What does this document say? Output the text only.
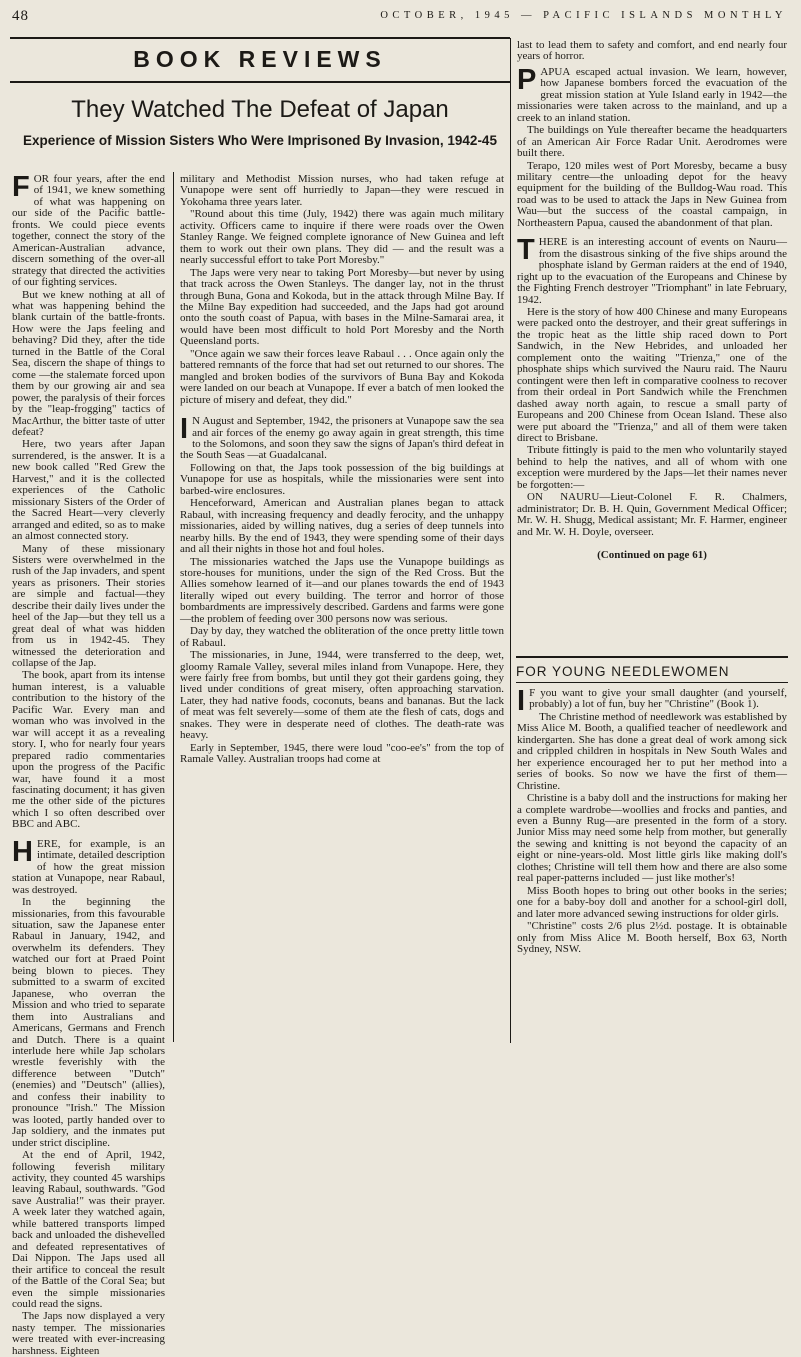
48	OCTOBER, 1945 — PACIFIC ISLANDS MONTHLY
BOOK REVIEWS
They Watched The Defeat of Japan
Experience of Mission Sisters Who Were Imprisoned By Invasion, 1942-45

FOR four years, after the end of 1941, we knew something of what was happening on our side of the Pacific battle-fronts. We could piece events together, connect the story of the American-Australian advance, discern something of the over-all strategy that directed the activities of our fighting services.

But we knew nothing at all of what was happening behind the blank curtain of the battle-fronts. How were the Japs feeling and behaving? Did they, after the tide turned in the Battle of the Coral Sea, discern the shape of things to come —the stalemate forced upon them by our growing air and sea power, the paralysis of their forces by the "leap-frogging" tactics of MacArthur, the bitter taste of utter defeat?

Here, two years after Japan surrendered, is the answer. It is a new book called "Red Grew the Harvest," and it is the collected experiences of the Catholic missionary Sisters of the Order of the Sacred Heart—very cleverly arranged and edited, so as to make an almost connected story.

Many of these missionary Sisters were overwhelmed in the rush of the Jap invaders, and spent years as prisoners. Their stories are simple and factual—they describe their daily lives under the heel of the Jap—but they tell us a great deal of what was hidden from us in 1942-45. They witnessed the deterioration and collapse of the Jap.

The book, apart from its intense human interest, is a valuable contribution to the history of the Pacific War. Every man and woman who was involved in the war will accept it as a revealing story. I, who for nearly four years prepared radio commentaries upon the progress of the Pacific war, have found it a most fascinating document; it has given me the other side of the pictures which I so often described over BBC and ABC.

HERE, for example, is an intimate, detailed description of how the great mission station at Vunapope, near Rabaul, was destroyed.

In the beginning the missionaries, from this favourable situation, saw the Japanese enter Rabaul in January, 1942, and overwhelm its defenders. They watched our fort at Praed Point being blown to pieces. They submitted to a swarm of excited Japanese, who overran the Mission and who tried to separate them into Australians and Americans, Germans and French and Dutch. There is a quaint interlude here while Jap scholars wrestle feverishly with the difference between "Dutch" (enemies) and "Deutsch" (allies), and confess their inability to pronounce "Irish." The Mission was looted, partly handed over to Jap soldiery, and the inmates put under strict discipline.

At the end of April, 1942, following feverish military activity, they counted 45 warships leaving Rabaul, southwards. "God save Australia!" was their prayer. A week later they watched again, while battered transports limped back and unloaded the dishevelled and defeated representatives of Dai Nippon. The Japs used all their artifice to conceal the result of the Battle of the Coral Sea; but even the simple missionaries could read the signs.

The Japs now displayed a very nasty temper. The missionaries were treated with ever-increasing harshness. Eighteen

military and Methodist Mission nurses, who had taken refuge at Vunapope were sent off hurriedly to Japan—they were rescued in Yokohama three years later.

"Round about this time (July, 1942) there was again much military activity. Officers came to inquire if there were roads over the Owen Stanley Range. We feigned complete ignorance of New Guinea and left them to work out their own plans. They did — and the result was a nearly successful effort to take Port Moresby."

The Japs were very near to taking Port Moresby—but never by using that track across the Owen Stanleys. The danger lay, not in the thrust through Buna, Gona and Kokoda, but in the attack through Milne Bay. If the Milne Bay expedition had succeeded, and the Japs had got around onto the south coast of Papua, with bases in the Milne-Samarai area, it would have been most difficult to hold Port Moresby and the North Queensland ports.

"Once again we saw their forces leave Rabaul . . . Once again only the battered remnants of the force that had set out returned to our shores. The mangled and broken bodies of the survivors of Buna Bay and Kokoda were landed on our beach at Vunapope. If ever a batch of men looked the picture of misery and defeat, they did."

I N August and September, 1942, the prisoners at Vunapope saw the sea and air forces of the enemy go away again in great strength, this time to the Solomons, and soon they saw the signs of Japan's third defeat in the South Seas —at Guadalcanal.

Following on that, the Japs took possession of the big buildings at Vunapope for use as hospitals, while the missionaries were sent into barbed-wire enclosures.

Henceforward, American and Australian planes began to attack Rabaul, with increasing frequency and deadly ferocity, and the unhappy missionaries, aided by willing natives, dug a series of deep tunnels into nearby hills. By the end of 1943, they were spending some of their days and all their nights in those hot and foul holes.

The missionaries watched the Japs use the Vunapope buildings as store-houses for munitions, under the sign of the Red Cross. But the Allies somehow learned of it—and our planes towards the end of 1943 literally wiped out every building. The terror and horror of those bombardments are impressively described. Gardens and farms were gone—the problem of feeding over 300 persons now was serious.

Day by day, they watched the obliteration of the once pretty little town of Rabaul.

The missionaries, in June, 1944, were transferred to the deep, wet, gloomy Ramale Valley, several miles inland from Vunapope. Here, they were fairly free from bombs, but until they got their gardens going, they lived under conditions of great misery, often approaching starvation. Later, they had native foods, coconuts, beans and bananas. But the lack of meat was felt severely—some of them ate the flesh of cats, dogs and snakes. They were in desperate need of clothes. The death-rate was heavy.

Early in September, 1945, there were loud "coo-ee's" from the top of Ramale Valley. Australian troops had come at

last to lead them to safety and comfort, and end nearly four years of horror.

PAPUA escaped actual invasion. We learn, however, how Japanese bombers forced the evacuation of the great mission station at Yule Island early in 1942—the missionaries were taken across to the mainland, and up a creek to an inland station.

The buildings on Yule thereafter became the headquarters of an American Air Force Radar Unit. Aerodromes were built there.

Terapo, 120 miles west of Port Moresby, became a busy military centre—the unloading depot for the heavy equipment for the building of the Bulldog-Wau road. This road was to be used to attack the Japs in New Guinea from Wau—but the success of the coastal campaign, in Northeastern Papua, caused the abandonment of that plan.

THERE is an interesting account of events on Nauru—from the disastrous sinking of the five ships around the phosphate island by German raiders at the end of 1940, right up to the evacuation of the Europeans and Chinese by the Fighting French destroyer "Triomphant" in late February, 1942.

Here is the story of how 400 Chinese and many Europeans were packed onto the destroyer, and their great sufferings in the tropic heat as the little ship raced down to Port Sandwich, in the New Hebrides, and unloaded her complement onto the waiting "Trienza," one of the phosphate ships which survived the Nauru raid. The Nauru contingent were then left in comparative coolness to recover from their ordeal in Port Sandwich while the Frenchmen dashed away north again, to rescue a small party of Europeans and 200 Chinese from Ocean Island. These also were put aboard the "Trienza," and all of them were taken direct to Brisbane.

Tribute fittingly is paid to the men who voluntarily stayed behind to help the natives, and all of whom with one exception were murdered by the Japs—let their names never be forgotten:—

ON NAURU—Lieut-Colonel F. R. Chalmers, administrator; Dr. B. H. Quin, Government Medical Officer; Mr. W. H. Shugg, Medical assistant; Mr. F. Harmer, engineer and Mr. W. H. Doyle, overseer.

(Continued on page 61)

FOR YOUNG NEEDLEWOMEN

I F you want to give your small daughter (and yourself, probably) a lot of fun, buy her "Christine" (Book 1).

The Christine method of needlework was established by Miss Alice M. Booth, a qualified teacher of needlework and kindergarten. She has done a great deal of work among sick and crippled children in hospitals in New South Wales and her experience encouraged her to put her method into a series of books. So now we have the first of them—Christine.

Christine is a baby doll and the instructions for making her a complete wardrobe—woollies and frocks and panties, and even a Bunny Rug—are presented in the form of a story. Junior Miss may need some help from mother, but generally the sewing and knitting is not beyond the capacity of an eight or nine-years-old. Most little girls like making doll's clothes; Christine will tell them how and there are also some real paper-patterns included — just like mother's!

Miss Booth hopes to bring out other books in the series; one for a baby-boy doll and another for a school-girl doll, and later more advanced sewing instructions for older girls.

"Christine" costs 2/6 plus 2½d. postage. It is obtainable only from Miss Alice M. Booth herself, Box 63, North Sydney, NSW.
